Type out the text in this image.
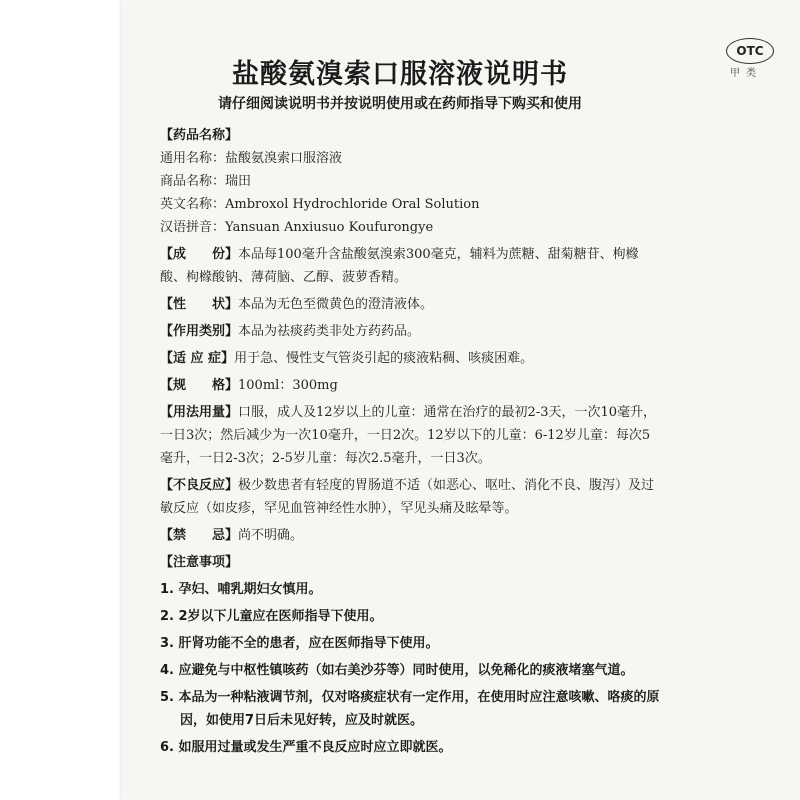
OTC
甲类
盐酸氨溴索口服溶液说明书
请仔细阅读说明书并按说明使用或在药师指导下购买和使用
【药品名称】
通用名称：盐酸氨溴索口服溶液
商品名称：瑞田
英文名称：Ambroxol Hydrochloride Oral Solution
汉语拼音：Yansuan Anxiusuo Koufurongye
【成　　份】本品每100毫升含盐酸氨溴索300毫克，辅料为蔗糖、甜菊糖苷、枸橼酸、枸橼酸钠、薄荷脑、乙醇、菠萝香精。
【性　　状】本品为无色至微黄色的澄清液体。
【作用类别】本品为祛痰药类非处方药药品。
【适 应 症】用于急、慢性支气管炎引起的痰液粘稠、咳痰困难。
【规　　格】100ml：300mg
【用法用量】口服，成人及12岁以上的儿童：通常在治疗的最初2-3天，一次10毫升，一日3次；然后减少为一次10毫升，一日2次。12岁以下的儿童：6-12岁儿童：每次5毫升，一日2-3次；2-5岁儿童：每次2.5毫升，一日3次。
【不良反应】极少数患者有轻度的胃肠道不适（如恶心、呕吐、消化不良、腹泻）及过敏反应（如皮疹，罕见血管神经性水肿），罕见头痛及眩晕等。
【禁　　忌】尚不明确。
【注意事项】
1. 孕妇、哺乳期妇女慎用。
2. 2岁以下儿童应在医师指导下使用。
3. 肝肾功能不全的患者，应在医师指导下使用。
4. 应避免与中枢性镇咳药（如右美沙芬等）同时使用，以免稀化的痰液堵塞气道。
5. 本品为一种粘液调节剂，仅对咯痰症状有一定作用，在使用时应注意咳嗽、咯痰的原因，如使用7日后未见好转，应及时就医。
6. 如服用过量或发生严重不良反应时应立即就医。
